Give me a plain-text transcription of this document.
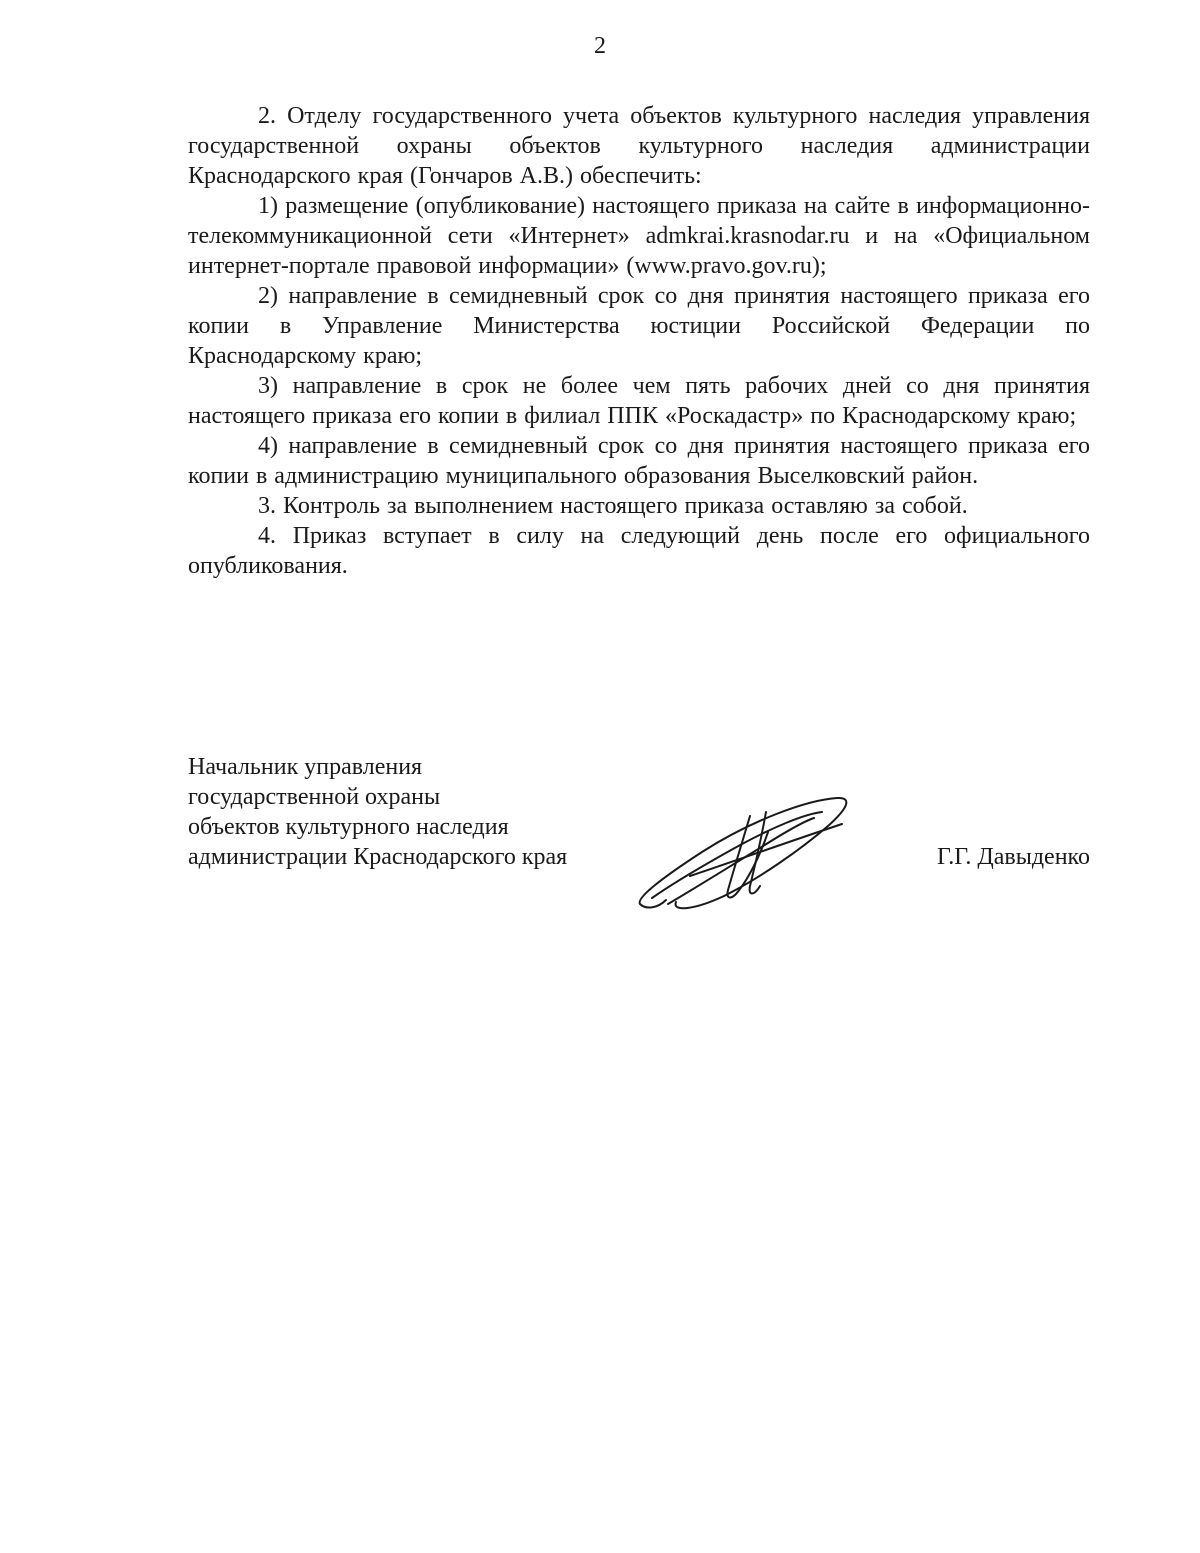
2

2. Отделу государственного учета объектов культурного наследия управления государственной охраны объектов культурного наследия администрации Краснодарского края (Гончаров А.В.) обеспечить:

1) размещение (опубликование) настоящего приказа на сайте в информационно-телекоммуникационной сети «Интернет» admkrai.krasnodar.ru и на «Официальном интернет-портале правовой информации» (www.pravo.gov.ru);

2) направление в семидневный срок со дня принятия настоящего приказа его копии в Управление Министерства юстиции Российской Федерации по Краснодарскому краю;

3) направление в срок не более чем пять рабочих дней со дня принятия настоящего приказа его копии в филиал ППК «Роскадастр» по Краснодарскому краю;

4) направление в семидневный срок со дня принятия настоящего приказа его копии в администрацию муниципального образования Выселковский район.

3. Контроль за выполнением настоящего приказа оставляю за собой.

4. Приказ вступает в силу на следующий день после его официального опубликования.

Начальник управления
государственной охраны
объектов культурного наследия
администрации Краснодарского края	Г.Г. Давыденко
